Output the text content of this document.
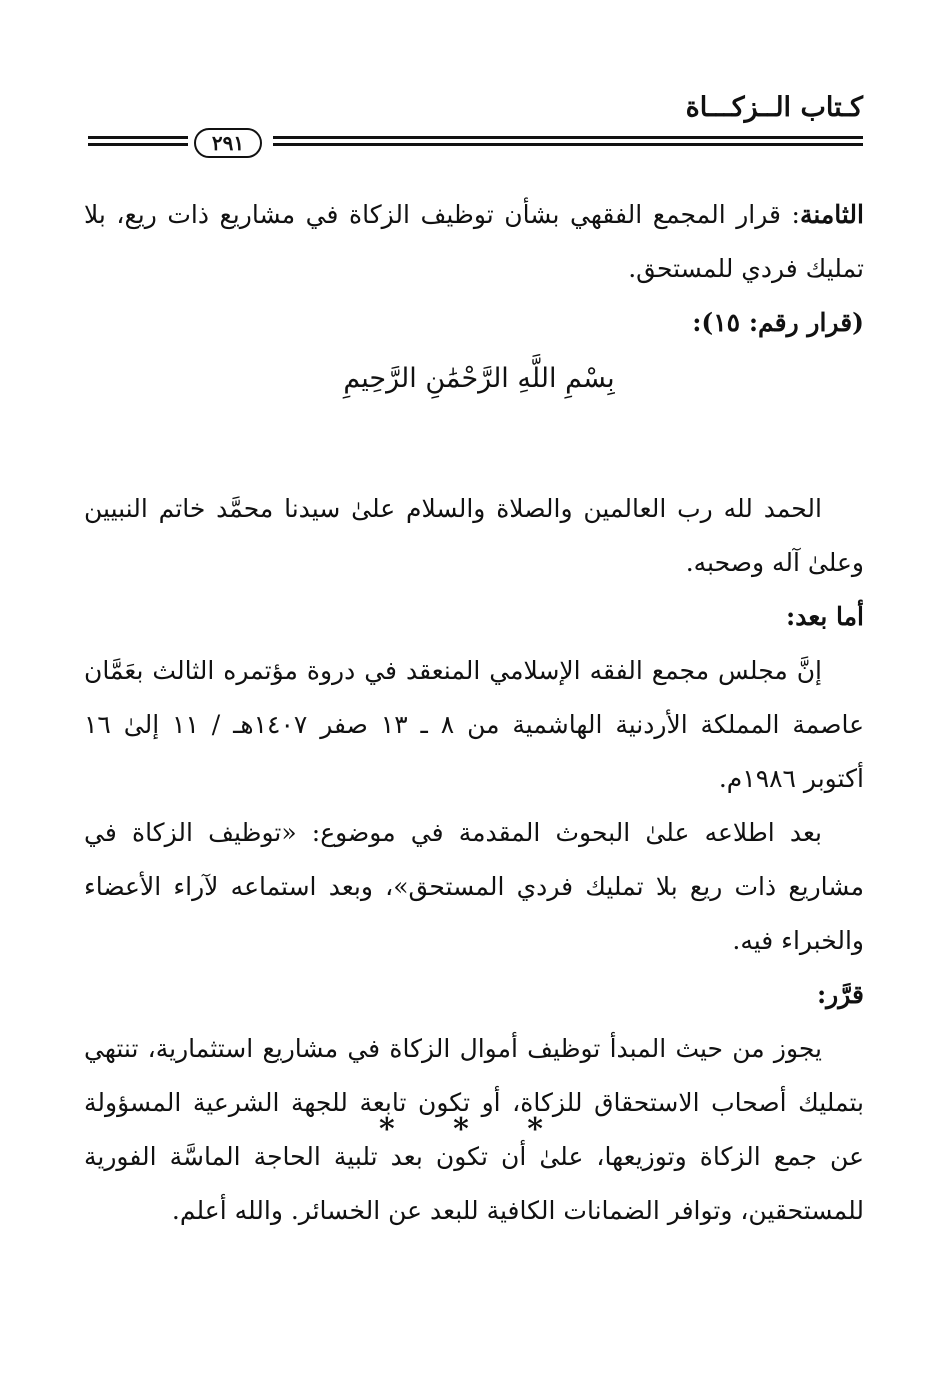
كـتاب الــزكـــاة
٢٩١

الثامنة: قرار المجمع الفقهي بشأن توظيف الزكاة في مشاريع ذات ريع، بلا تمليك فردي للمستحق.

(قرار رقم: ١٥):

بِسْمِ اللَّهِ الرَّحْمَٰنِ الرَّحِيمِ

الحمد لله رب العالمين والصلاة والسلام علىٰ سيدنا محمَّد خاتم النبيين وعلىٰ آله وصحبه.

أما بعد:

إنَّ مجلس مجمع الفقه الإسلامي المنعقد في دروة مؤتمره الثالث بعَمَّان عاصمة المملكة الأردنية الهاشمية من ٨ ـ ١٣ صفر ١٤٠٧هـ / ١١ إلىٰ ١٦ أكتوبر ١٩٨٦م.

بعد اطلاعه علىٰ البحوث المقدمة في موضوع: «توظيف الزكاة في مشاريع ذات ريع بلا تمليك فردي المستحق»، وبعد استماعه لآراء الأعضاء والخبراء فيه.

قرَّر:

يجوز من حيث المبدأ توظيف أموال الزكاة في مشاريع استثمارية، تنتهي بتمليك أصحاب الاستحقاق للزكاة، أو تكون تابعة للجهة الشرعية المسؤولة عن جمع الزكاة وتوزيعها، علىٰ أن تكون بعد تلبية الحاجة الماسَّة الفورية للمستحقين، وتوافر الضمانات الكافية للبعد عن الخسائر. والله أعلم.

* * *
